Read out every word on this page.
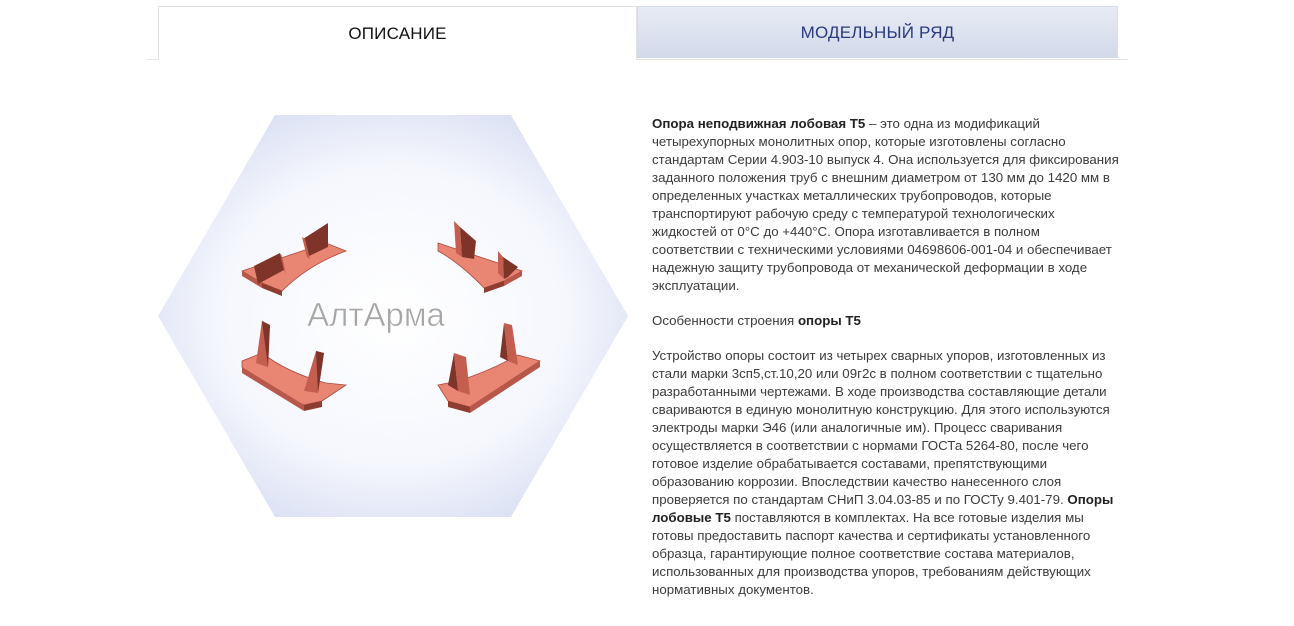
ОПИСАНИЕ	МОДЕЛЬНЫЙ РЯД
АлтАрма

Опора неподвижная лобовая Т5 – это одна из модификаций четырехупорных монолитных опор, которые изготовлены согласно стандартам Серии 4.903-10 выпуск 4. Она используется для фиксирования заданного положения труб с внешним диаметром от 130 мм до 1420 мм в определенных участках металлических трубопроводов, которые транспортируют рабочую среду с температурой технологических жидкостей от 0°С до +440°С. Опора изготавливается в полном соответствии с техническими условиями 04698606-001-04 и обеспечивает надежную защиту трубопровода от механической деформации в ходе эксплуатации.

Особенности строения опоры Т5

Устройство опоры состоит из четырех сварных упоров, изготовленных из стали марки 3сп5,ст.10,20 или 09г2с в полном соответствии с тщательно разработанными чертежами. В ходе производства составляющие детали свариваются в единую монолитную конструкцию. Для этого используются электроды марки Э46 (или аналогичные им). Процесс сваривания осуществляется в соответствии с нормами ГОСТа 5264-80, после чего готовое изделие обрабатывается составами, препятствующими образованию коррозии. Впоследствии качество нанесенного слоя проверяется по стандартам СНиП 3.04.03-85 и по ГОСТу 9.401-79. Опоры лобовые Т5 поставляются в комплектах. На все готовые изделия мы готовы предоставить паспорт качества и сертификаты установленного образца, гарантирующие полное соответствие состава материалов, использованных для производства упоров, требованиям действующих нормативных документов.
